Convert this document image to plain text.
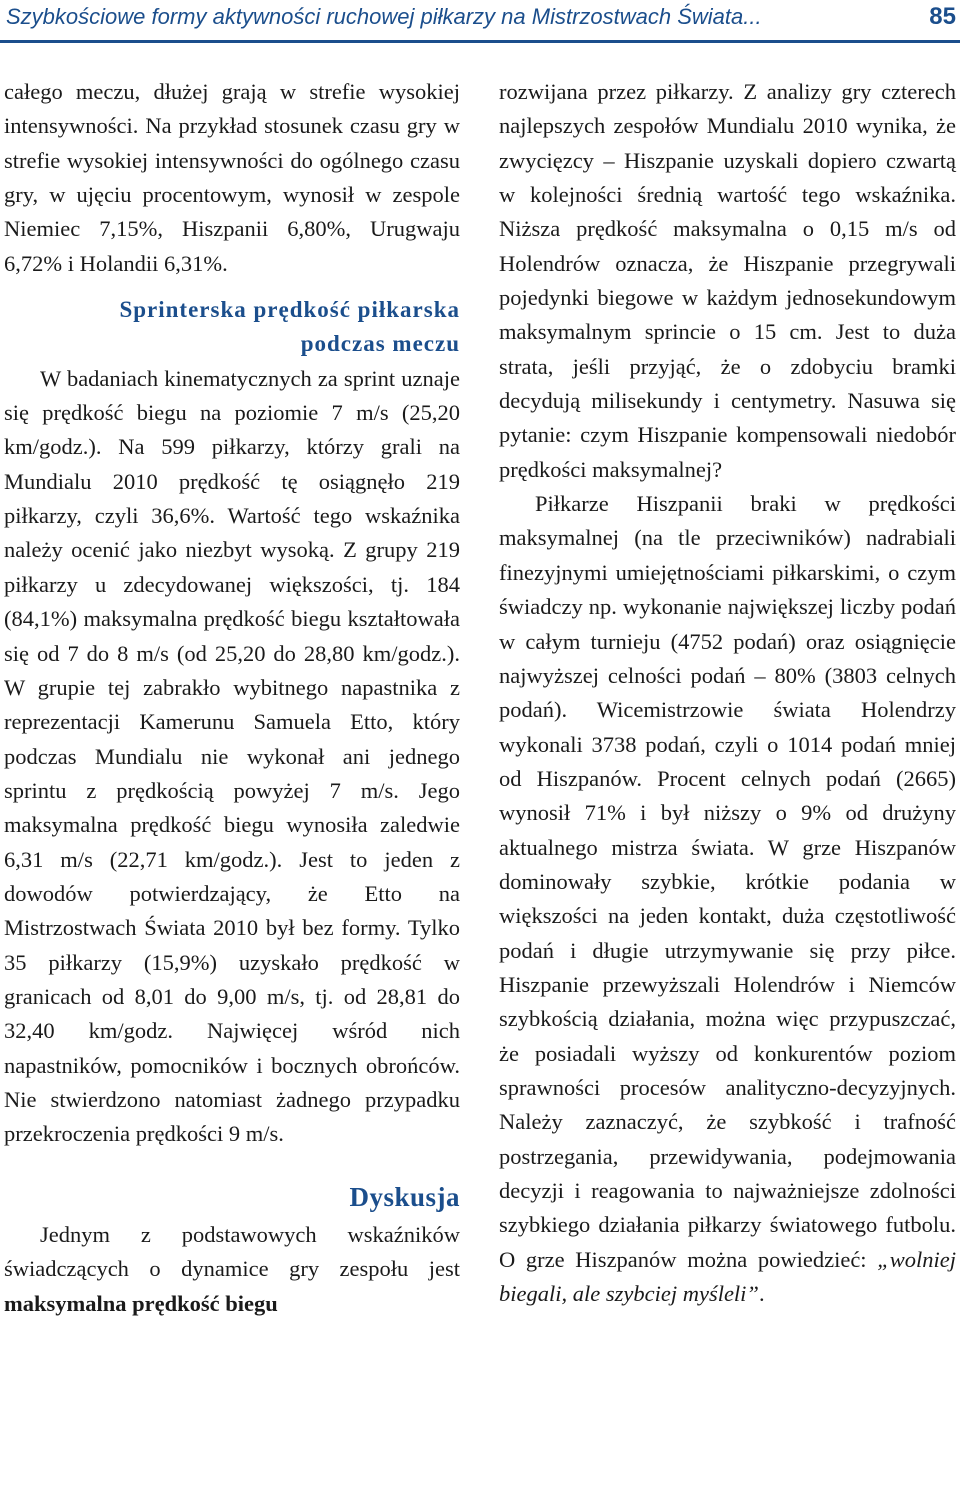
Szybkościowe formy aktywności ruchowej piłkarzy na Mistrzostwach Świata...	85

całego meczu, dłużej grają w strefie wysokiej intensywności. Na przykład stosunek czasu gry w strefie wysokiej intensywności do ogólnego czasu gry, w ujęciu procentowym, wynosił w zespole Niemiec 7,15%, Hiszpanii 6,80%, Urugwaju 6,72% i Holandii 6,31%.

Sprinterska prędkość piłkarska

podczas meczu

W badaniach kinematycznych za sprint uznaje się prędkość biegu na poziomie 7 m/s (25,20 km/godz.). Na 599 piłkarzy, którzy grali na Mundialu 2010 prędkość tę osiągnęło 219 piłkarzy, czyli 36,6%. Wartość tego wskaźnika należy ocenić jako niezbyt wysoką. Z grupy 219 piłkarzy u zdecydowanej większości, tj. 184 (84,1%) maksymalna prędkość biegu kształtowała się od 7 do 8 m/s (od 25,20 do 28,80 km/godz.). W grupie tej zabrakło wybitnego napastnika z reprezentacji Kamerunu Samuela Etto, który podczas Mundialu nie wykonał ani jednego sprintu z prędkością powyżej 7 m/s. Jego maksymalna prędkość biegu wynosiła zaledwie 6,31 m/s (22,71 km/godz.). Jest to jeden z dowodów potwierdzający, że Etto na Mistrzostwach Świata 2010 był bez formy. Tylko 35 piłkarzy (15,9%) uzyskało prędkość w granicach od 8,01 do 9,00 m/s, tj. od 28,81 do 32,40 km/godz. Najwięcej wśród nich napastników, pomocników i bocznych obrońców. Nie stwierdzono natomiast żadnego przypadku przekroczenia prędkości 9 m/s.

Dyskusja

Jednym z podstawowych wskaźników świadczących o dynamice gry zespołu jest maksymalna prędkość biegu

rozwijana przez piłkarzy. Z analizy gry czterech najlepszych zespołów Mundialu 2010 wynika, że zwycięzcy – Hiszpanie uzyskali dopiero czwartą w kolejności średnią wartość tego wskaźnika. Niższa prędkość maksymalna o 0,15 m/s od Holendrów oznacza, że Hiszpanie przegrywali pojedynki biegowe w każdym jednosekundowym maksymalnym sprincie o 15 cm. Jest to duża strata, jeśli przyjąć, że o zdobyciu bramki decydują milisekundy i centymetry. Nasuwa się pytanie: czym Hiszpanie kompensowali niedobór prędkości maksymalnej?

Piłkarze Hiszpanii braki w prędkości maksymalnej (na tle przeciwników) nadrabiali finezyjnymi umiejętnościami piłkarskimi, o czym świadczy np. wykonanie największej liczby podań w całym turnieju (4752 podań) oraz osiągnięcie najwyższej celności podań – 80% (3803 celnych podań). Wicemistrzowie świata Holendrzy wykonali 3738 podań, czyli o 1014 podań mniej od Hiszpanów. Procent celnych podań (2665) wynosił 71% i był niższy o 9% od drużyny aktualnego mistrza świata. W grze Hiszpanów dominowały szybkie, krótkie podania w większości na jeden kontakt, duża częstotliwość podań i długie utrzymywanie się przy piłce. Hiszpanie przewyższali Holendrów i Niemców szybkością działania, można więc przypuszczać, że posiadali wyższy od konkurentów poziom sprawności procesów analityczno-decyzyjnych. Należy zaznaczyć, że szybkość i trafność postrzegania, przewidywania, podejmowania decyzji i reagowania to najważniejsze zdolności szybkiego działania piłkarzy światowego futbolu. O grze Hiszpanów można powiedzieć: „wolniej biegali, ale szybciej myśleli”.
